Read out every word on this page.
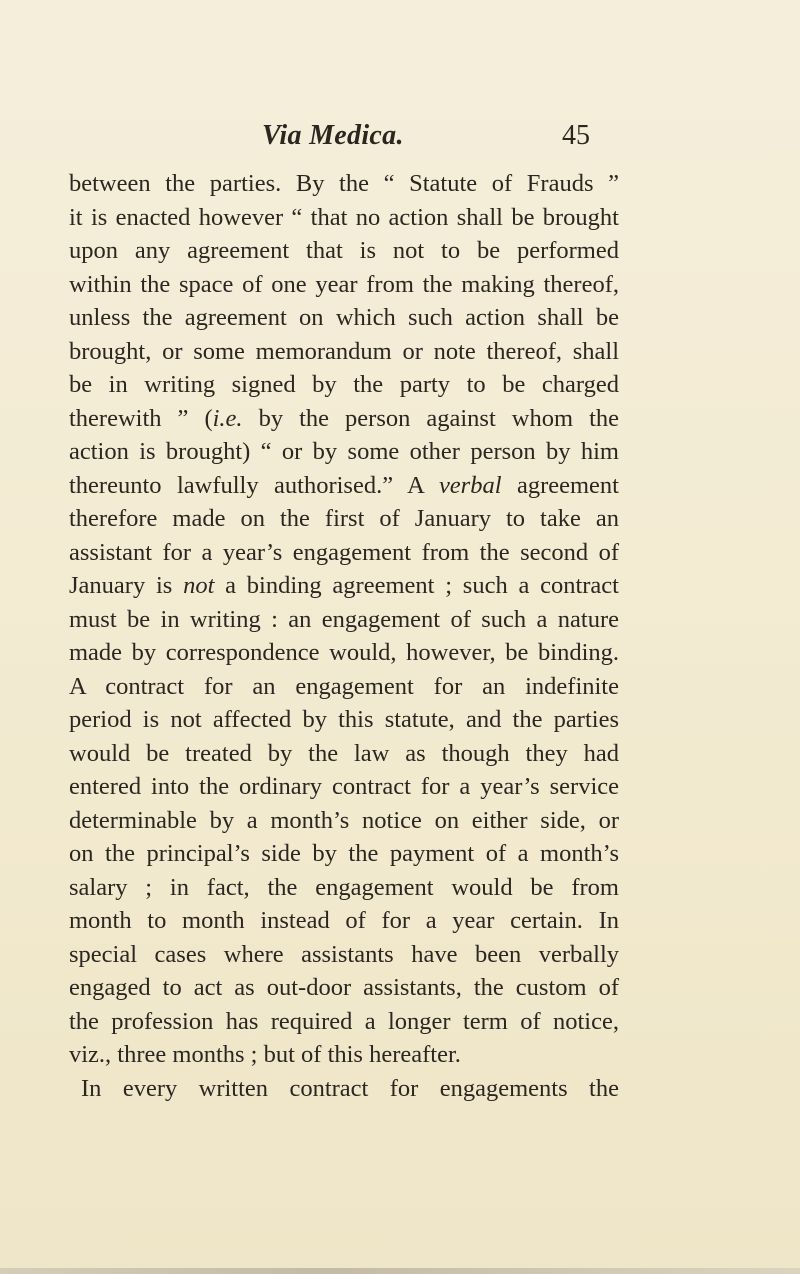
Via Medica.	45
between the parties. By the “ Statute of Frauds ”
it is enacted however “ that no action shall be brought
upon any agreement that is not to be performed
within the space of one year from the making thereof,
unless the agreement on which such action shall be
brought, or some memorandum or note thereof, shall
be in writing signed by the party to be charged
therewith ” (i.e. by the person against whom the
action is brought) “ or by some other person by him
thereunto lawfully authorised.” A verbal agreement
therefore made on the first of January to take an
assistant for a year’s engagement from the second of
January is not a binding agreement ; such a contract
must be in writing : an engagement of such a nature
made by correspondence would, however, be binding.
A contract for an engagement for an indefinite
period is not affected by this statute, and the parties
would be treated by the law as though they had
entered into the ordinary contract for a year’s service
determinable by a month’s notice on either side, or
on the principal’s side by the payment of a month’s
salary ; in fact, the engagement would be from
month to month instead of for a year certain. In
special cases where assistants have been verbally
engaged to act as out-door assistants, the custom of
the profession has required a longer term of notice,
viz., three months ; but of this hereafter.
In every written contract for engagements the
